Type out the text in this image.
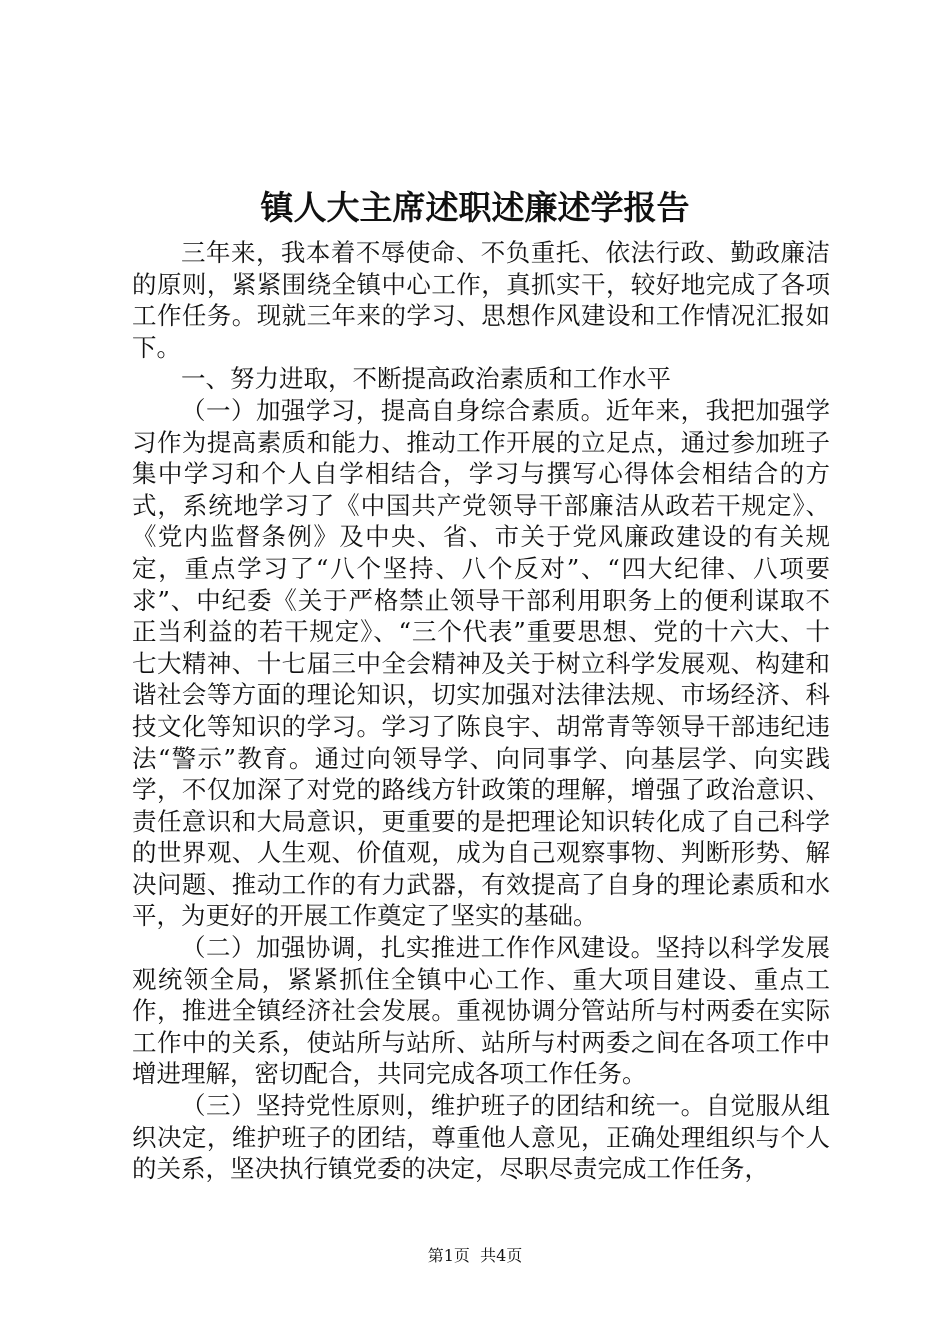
镇人大主席述职述廉述学报告

三年来，我本着不辱使命、不负重托、依法行政、勤政廉洁的原则，紧紧围绕全镇中心工作，真抓实干，较好地完成了各项工作任务。现就三年来的学习、思想作风建设和工作情况汇报如下。

一、努力进取，不断提高政治素质和工作水平

（一）加强学习，提高自身综合素质。近年来，我把加强学习作为提高素质和能力、推动工作开展的立足点，通过参加班子集中学习和个人自学相结合，学习与撰写心得体会相结合的方式，系统地学习了《中国共产党领导干部廉洁从政若干规定》、《党内监督条例》及中央、省、市关于党风廉政建设的有关规定，重点学习了“八个坚持、八个反对”、“四大纪律、八项要求”、中纪委《关于严格禁止领导干部利用职务上的便利谋取不正当利益的若干规定》、“三个代表”重要思想、党的十六大、十七大精神、十七届三中全会精神及关于树立科学发展观、构建和谐社会等方面的理论知识，切实加强对法律法规、市场经济、科技文化等知识的学习。学习了陈良宇、胡常青等领导干部违纪违法“警示”教育。通过向领导学、向同事学、向基层学、向实践学，不仅加深了对党的路线方针政策的理解，增强了政治意识、责任意识和大局意识，更重要的是把理论知识转化成了自己科学的世界观、人生观、价值观，成为自己观察事物、判断形势、解决问题、推动工作的有力武器，有效提高了自身的理论素质和水平，为更好的开展工作奠定了坚实的基础。

（二）加强协调，扎实推进工作作风建设。坚持以科学发展观统领全局，紧紧抓住全镇中心工作、重大项目建设、重点工作，推进全镇经济社会发展。重视协调分管站所与村两委在实际工作中的关系，使站所与站所、站所与村两委之间在各项工作中增进理解，密切配合，共同完成各项工作任务。

（三）坚持党性原则，维护班子的团结和统一。自觉服从组织决定，维护班子的团结，尊重他人意见，正确处理组织与个人的关系，坚决执行镇党委的决定，尽职尽责完成工作任务，

第1页  共4页
